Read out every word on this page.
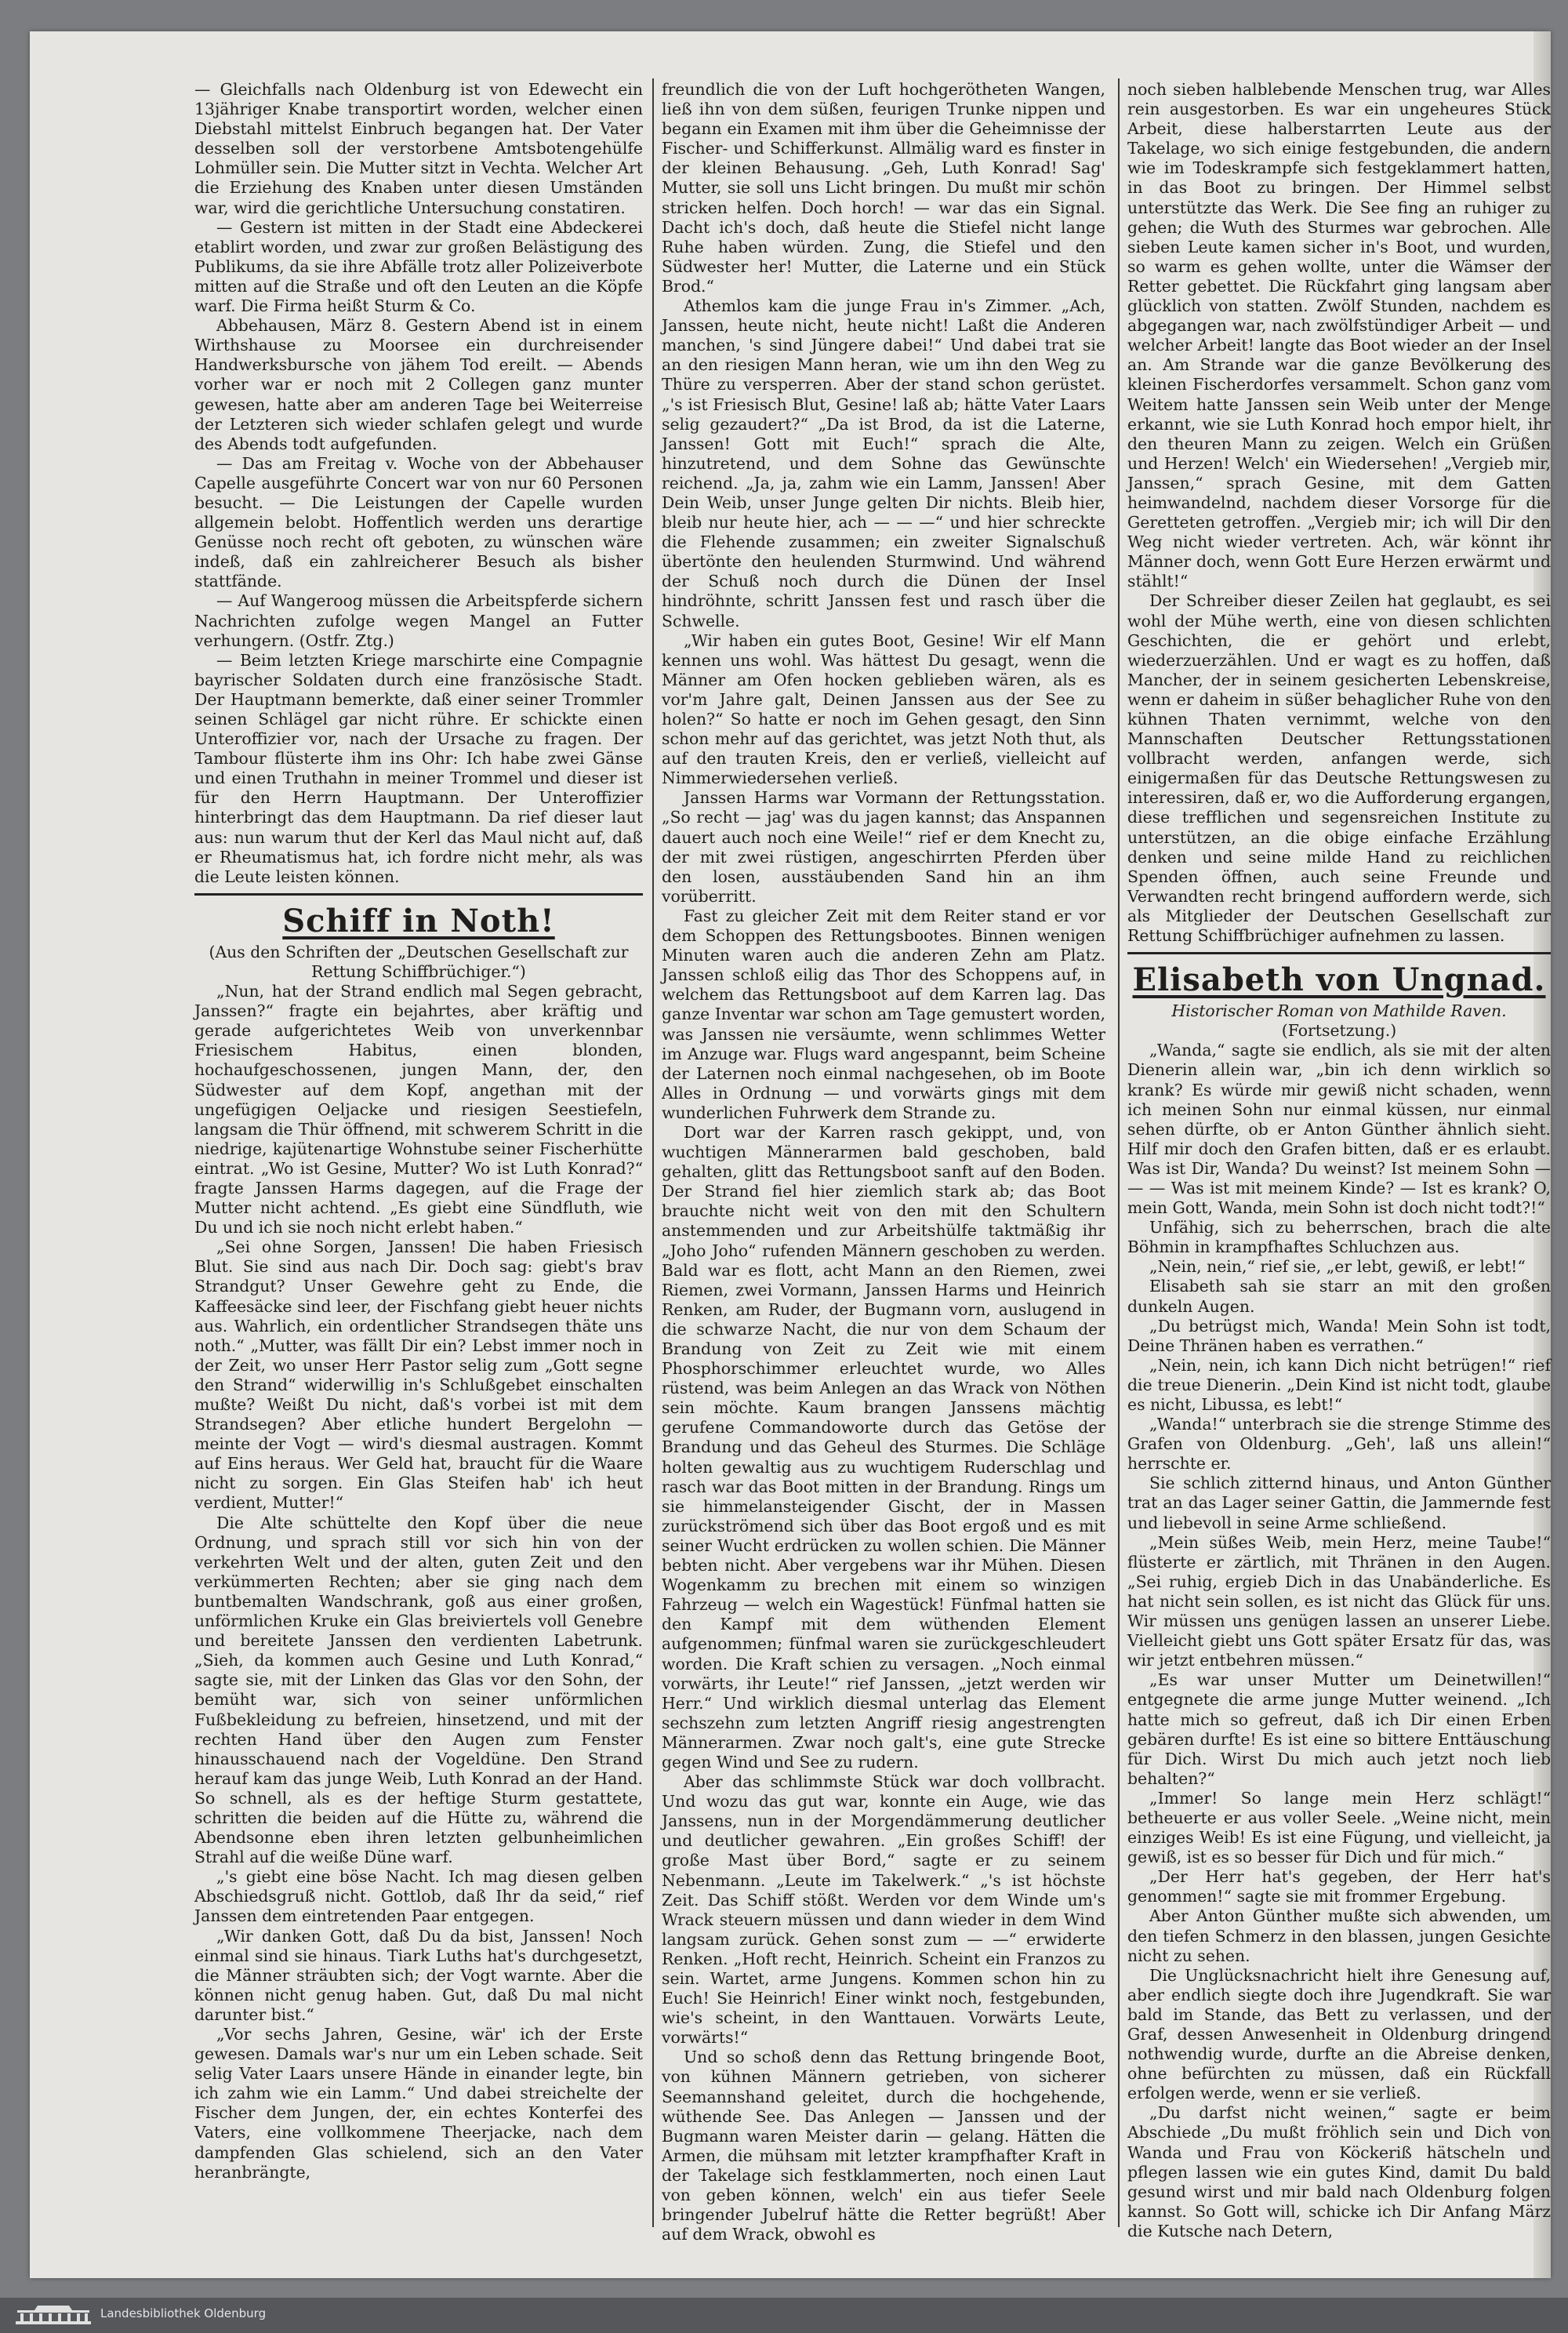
— Gleichfalls nach Oldenburg ist von Edewecht ein 13jähriger Knabe transportirt worden, welcher einen Diebstahl mittelst Einbruch begangen hat. Der Vater desselben soll der verstorbene Amtsbotengehülfe Lohmüller sein. Die Mutter sitzt in Vechta. Welcher Art die Erziehung des Knaben unter diesen Umständen war, wird die gerichtliche Untersuchung constatiren.

— Gestern ist mitten in der Stadt eine Abdeckerei etablirt worden, und zwar zur großen Belästigung des Publikums, da sie ihre Abfälle trotz aller Polizeiverbote mitten auf die Straße und oft den Leuten an die Köpfe warf. Die Firma heißt Sturm & Co.

Abbehausen, März 8. Gestern Abend ist in einem Wirthshause zu Moorsee ein durchreisender Handwerksbursche von jähem Tod ereilt. — Abends vorher war er noch mit 2 Collegen ganz munter gewesen, hatte aber am anderen Tage bei Weiterreise der Letzteren sich wieder schlafen gelegt und wurde des Abends todt aufgefunden.

— Das am Freitag v. Woche von der Abbehauser Capelle ausgeführte Concert war von nur 60 Personen besucht. — Die Leistungen der Capelle wurden allgemein belobt. Hoffentlich werden uns derartige Genüsse noch recht oft geboten, zu wünschen wäre indeß, daß ein zahlreicherer Besuch als bisher stattfände.

— Auf Wangeroog müssen die Arbeitspferde sichern Nachrichten zufolge wegen Mangel an Futter verhungern. (Ostfr. Ztg.)

— Beim letzten Kriege marschirte eine Compagnie bayrischer Soldaten durch eine französische Stadt. Der Hauptmann bemerkte, daß einer seiner Trommler seinen Schlägel gar nicht rühre. Er schickte einen Unteroffizier vor, nach der Ursache zu fragen. Der Tambour flüsterte ihm ins Ohr: Ich habe zwei Gänse und einen Truthahn in meiner Trommel und dieser ist für den Herrn Hauptmann. Der Unteroffizier hinterbringt das dem Hauptmann. Da rief dieser laut aus: nun warum thut der Kerl das Maul nicht auf, daß er Rheumatismus hat, ich fordre nicht mehr, als was die Leute leisten können.

Schiff in Noth!

(Aus den Schriften der „Deutschen Gesellschaft zur Rettung Schiffbrüchiger.“)

„Nun, hat der Strand endlich mal Segen gebracht, Janssen?“ fragte ein bejahrtes, aber kräftig und gerade aufgerichtetes Weib von unverkennbar Friesischem Habitus, einen blonden, hochaufgeschossenen, jungen Mann, der, den Südwester auf dem Kopf, angethan mit der ungefügigen Oeljacke und riesigen Seestiefeln, langsam die Thür öffnend, mit schwerem Schritt in die niedrige, kajütenartige Wohnstube seiner Fischerhütte eintrat. „Wo ist Gesine, Mutter? Wo ist Luth Konrad?“ fragte Janssen Harms dagegen, auf die Frage der Mutter nicht achtend. „Es giebt eine Sündfluth, wie Du und ich sie noch nicht erlebt haben.“

„Sei ohne Sorgen, Janssen! Die haben Friesisch Blut. Sie sind aus nach Dir. Doch sag: giebt's brav Strandgut? Unser Gewehre geht zu Ende, die Kaffeesäcke sind leer, der Fischfang giebt heuer nichts aus. Wahrlich, ein ordentlicher Strandsegen thäte uns noth.“ „Mutter, was fällt Dir ein? Lebst immer noch in der Zeit, wo unser Herr Pastor selig zum „Gott segne den Strand“ widerwillig in's Schlußgebet einschalten mußte? Weißt Du nicht, daß's vorbei ist mit dem Strandsegen? Aber etliche hundert Bergelohn — meinte der Vogt — wird's diesmal austragen. Kommt auf Eins heraus. Wer Geld hat, braucht für die Waare nicht zu sorgen. Ein Glas Steifen hab' ich heut verdient, Mutter!“

Die Alte schüttelte den Kopf über die neue Ordnung, und sprach still vor sich hin von der verkehrten Welt und der alten, guten Zeit und den verkümmerten Rechten; aber sie ging nach dem buntbemalten Wandschrank, goß aus einer großen, unförmlichen Kruke ein Glas breiviertels voll Genebre und bereitete Janssen den verdienten Labetrunk. „Sieh, da kommen auch Gesine und Luth Konrad,“ sagte sie, mit der Linken das Glas vor den Sohn, der bemüht war, sich von seiner unförmlichen Fußbekleidung zu befreien, hinsetzend, und mit der rechten Hand über den Augen zum Fenster hinausschauend nach der Vogeldüne. Den Strand herauf kam das junge Weib, Luth Konrad an der Hand. So schnell, als es der heftige Sturm gestattete, schritten die beiden auf die Hütte zu, während die Abendsonne eben ihren letzten gelbunheimlichen Strahl auf die weiße Düne warf.

„'s giebt eine böse Nacht. Ich mag diesen gelben Abschiedsgruß nicht. Gottlob, daß Ihr da seid,“ rief Janssen dem eintretenden Paar entgegen.

„Wir danken Gott, daß Du da bist, Janssen! Noch einmal sind sie hinaus. Tiark Luths hat's durchgesetzt, die Männer sträubten sich; der Vogt warnte. Aber die können nicht genug haben. Gut, daß Du mal nicht darunter bist.“

„Vor sechs Jahren, Gesine, wär' ich der Erste gewesen. Damals war's nur um ein Leben schade. Seit selig Vater Laars unsere Hände in einander legte, bin ich zahm wie ein Lamm.“ Und dabei streichelte der Fischer dem Jungen, der, ein echtes Konterfei des Vaters, eine vollkommene Theerjacke, nach dem dampfenden Glas schielend, sich an den Vater heranbrängte,

freundlich die von der Luft hochgerötheten Wangen, ließ ihn von dem süßen, feurigen Trunke nippen und begann ein Examen mit ihm über die Geheimnisse der Fischer- und Schifferkunst. Allmälig ward es finster in der kleinen Behausung. „Geh, Luth Konrad! Sag' Mutter, sie soll uns Licht bringen. Du mußt mir schön stricken helfen. Doch horch! — war das ein Signal. Dacht ich's doch, daß heute die Stiefel nicht lange Ruhe haben würden. Zung, die Stiefel und den Südwester her! Mutter, die Laterne und ein Stück Brod.“

Athemlos kam die junge Frau in's Zimmer. „Ach, Janssen, heute nicht, heute nicht! Laßt die Anderen manchen, 's sind Jüngere dabei!“ Und dabei trat sie an den riesigen Mann heran, wie um ihn den Weg zu Thüre zu versperren. Aber der stand schon gerüstet. „'s ist Friesisch Blut, Gesine! laß ab; hätte Vater Laars selig gezaudert?“ „Da ist Brod, da ist die Laterne, Janssen! Gott mit Euch!“ sprach die Alte, hinzutretend, und dem Sohne das Gewünschte reichend. „Ja, ja, zahm wie ein Lamm, Janssen! Aber Dein Weib, unser Junge gelten Dir nichts. Bleib hier, bleib nur heute hier, ach — — —“ und hier schreckte die Flehende zusammen; ein zweiter Signalschuß übertönte den heulenden Sturmwind. Und während der Schuß noch durch die Dünen der Insel hindröhnte, schritt Janssen fest und rasch über die Schwelle.

„Wir haben ein gutes Boot, Gesine! Wir elf Mann kennen uns wohl. Was hättest Du gesagt, wenn die Männer am Ofen hocken geblieben wären, als es vor'm Jahre galt, Deinen Janssen aus der See zu holen?“ So hatte er noch im Gehen gesagt, den Sinn schon mehr auf das gerichtet, was jetzt Noth thut, als auf den trauten Kreis, den er verließ, vielleicht auf Nimmerwiedersehen verließ.

Janssen Harms war Vormann der Rettungsstation. „So recht — jag' was du jagen kannst; das Anspannen dauert auch noch eine Weile!“ rief er dem Knecht zu, der mit zwei rüstigen, angeschirrten Pferden über den losen, ausstäubenden Sand hin an ihm vorüberritt.

Fast zu gleicher Zeit mit dem Reiter stand er vor dem Schoppen des Rettungsbootes. Binnen wenigen Minuten waren auch die anderen Zehn am Platz. Janssen schloß eilig das Thor des Schoppens auf, in welchem das Rettungsboot auf dem Karren lag. Das ganze Inventar war schon am Tage gemustert worden, was Janssen nie versäumte, wenn schlimmes Wetter im Anzuge war. Flugs ward angespannt, beim Scheine der Laternen noch einmal nachgesehen, ob im Boote Alles in Ordnung — und vorwärts gings mit dem wunderlichen Fuhrwerk dem Strande zu.

Dort war der Karren rasch gekippt, und, von wuchtigen Männerarmen bald geschoben, bald gehalten, glitt das Rettungsboot sanft auf den Boden. Der Strand fiel hier ziemlich stark ab; das Boot brauchte nicht weit von den mit den Schultern anstemmenden und zur Arbeitshülfe taktmäßig ihr „Joho Joho“ rufenden Männern geschoben zu werden. Bald war es flott, acht Mann an den Riemen, zwei Riemen, zwei Vormann, Janssen Harms und Heinrich Renken, am Ruder, der Bugmann vorn, auslugend in die schwarze Nacht, die nur von dem Schaum der Brandung von Zeit zu Zeit wie mit einem Phosphorschimmer erleuchtet wurde, wo Alles rüstend, was beim Anlegen an das Wrack von Nöthen sein möchte. Kaum brangen Janssens mächtig gerufene Commandoworte durch das Getöse der Brandung und das Geheul des Sturmes. Die Schläge holten gewaltig aus zu wuchtigem Ruderschlag und rasch war das Boot mitten in der Brandung. Rings um sie himmelansteigender Gischt, der in Massen zurückströmend sich über das Boot ergoß und es mit seiner Wucht erdrücken zu wollen schien. Die Männer bebten nicht. Aber vergebens war ihr Mühen. Diesen Wogenkamm zu brechen mit einem so winzigen Fahrzeug — welch ein Wagestück! Fünfmal hatten sie den Kampf mit dem wüthenden Element aufgenommen; fünfmal waren sie zurückgeschleudert worden. Die Kraft schien zu versagen. „Noch einmal vorwärts, ihr Leute!“ rief Janssen, „jetzt werden wir Herr.“ Und wirklich diesmal unterlag das Element sechszehn zum letzten Angriff riesig angestrengten Männerarmen. Zwar noch galt's, eine gute Strecke gegen Wind und See zu rudern.

Aber das schlimmste Stück war doch vollbracht. Und wozu das gut war, konnte ein Auge, wie das Janssens, nun in der Morgendämmerung deutlicher und deutlicher gewahren. „Ein großes Schiff! der große Mast über Bord,“ sagte er zu seinem Nebenmann. „Leute im Takelwerk.“ „'s ist höchste Zeit. Das Schiff stößt. Werden vor dem Winde um's Wrack steuern müssen und dann wieder in dem Wind langsam zurück. Gehen sonst zum — —“ erwiderte Renken. „Hoft recht, Heinrich. Scheint ein Franzos zu sein. Wartet, arme Jungens. Kommen schon hin zu Euch! Sie Heinrich! Einer winkt noch, festgebunden, wie's scheint, in den Wanttauen. Vorwärts Leute, vorwärts!“

Und so schoß denn das Rettung bringende Boot, von kühnen Männern getrieben, von sicherer Seemannshand geleitet, durch die hochgehende, wüthende See. Das Anlegen — Janssen und der Bugmann waren Meister darin — gelang. Hätten die Armen, die mühsam mit letzter krampfhafter Kraft in der Takelage sich festklammerten, noch einen Laut von geben können, welch' ein aus tiefer Seele bringender Jubelruf hätte die Retter begrüßt! Aber auf dem Wrack, obwohl es

noch sieben halblebende Menschen trug, war Alles rein ausgestorben. Es war ein ungeheures Stück Arbeit, diese halberstarrten Leute aus der Takelage, wo sich einige festgebunden, die andern wie im Todeskrampfe sich festgeklammert hatten, in das Boot zu bringen. Der Himmel selbst unterstützte das Werk. Die See fing an ruhiger zu gehen; die Wuth des Sturmes war gebrochen. Alle sieben Leute kamen sicher in's Boot, und wurden, so warm es gehen wollte, unter die Wämser der Retter gebettet. Die Rückfahrt ging langsam aber glücklich von statten. Zwölf Stunden, nachdem es abgegangen war, nach zwölfstündiger Arbeit — und welcher Arbeit! langte das Boot wieder an der Insel an. Am Strande war die ganze Bevölkerung des kleinen Fischerdorfes versammelt. Schon ganz vom Weitem hatte Janssen sein Weib unter der Menge erkannt, wie sie Luth Konrad hoch empor hielt, ihr den theuren Mann zu zeigen. Welch ein Grüßen und Herzen! Welch' ein Wiedersehen! „Vergieb mir, Janssen,“ sprach Gesine, mit dem Gatten heimwandelnd, nachdem dieser Vorsorge für die Geretteten getroffen. „Vergieb mir; ich will Dir den Weg nicht wieder vertreten. Ach, wär könnt ihr Männer doch, wenn Gott Eure Herzen erwärmt und stählt!“

Der Schreiber dieser Zeilen hat geglaubt, es sei wohl der Mühe werth, eine von diesen schlichten Geschichten, die er gehört und erlebt, wiederzuerzählen. Und er wagt es zu hoffen, daß Mancher, der in seinem gesicherten Lebenskreise, wenn er daheim in süßer behaglicher Ruhe von den kühnen Thaten vernimmt, welche von den Mannschaften Deutscher Rettungsstationen vollbracht werden, anfangen werde, sich einigermaßen für das Deutsche Rettungswesen zu interessiren, daß er, wo die Aufforderung ergangen, diese trefflichen und segensreichen Institute zu unterstützen, an die obige einfache Erzählung denken und seine milde Hand zu reichlichen Spenden öffnen, auch seine Freunde und Verwandten recht bringend auffordern werde, sich als Mitglieder der Deutschen Gesellschaft zur Rettung Schiffbrüchiger aufnehmen zu lassen.

Elisabeth von Ungnad.

Historischer Roman von Mathilde Raven.

(Fortsetzung.)

„Wanda,“ sagte sie endlich, als sie mit der alten Dienerin allein war, „bin ich denn wirklich so krank? Es würde mir gewiß nicht schaden, wenn ich meinen Sohn nur einmal küssen, nur einmal sehen dürfte, ob er Anton Günther ähnlich sieht. Hilf mir doch den Grafen bitten, daß er es erlaubt. Was ist Dir, Wanda? Du weinst? Ist meinem Sohn — — — Was ist mit meinem Kinde? — Ist es krank? O, mein Gott, Wanda, mein Sohn ist doch nicht todt?!“

Unfähig, sich zu beherrschen, brach die alte Böhmin in krampfhaftes Schluchzen aus.

„Nein, nein,“ rief sie, „er lebt, gewiß, er lebt!“

Elisabeth sah sie starr an mit den großen dunkeln Augen.

„Du betrügst mich, Wanda! Mein Sohn ist todt, Deine Thränen haben es verrathen.“

„Nein, nein, ich kann Dich nicht betrügen!“ rief die treue Dienerin. „Dein Kind ist nicht todt, glaube es nicht, Libussa, es lebt!“

„Wanda!“ unterbrach sie die strenge Stimme des Grafen von Oldenburg. „Geh', laß uns allein!“ herrschte er.

Sie schlich zitternd hinaus, und Anton Günther trat an das Lager seiner Gattin, die Jammernde fest und liebevoll in seine Arme schließend.

„Mein süßes Weib, mein Herz, meine Taube!“ flüsterte er zärtlich, mit Thränen in den Augen. „Sei ruhig, ergieb Dich in das Unabänderliche. Es hat nicht sein sollen, es ist nicht das Glück für uns. Wir müssen uns genügen lassen an unserer Liebe. Vielleicht giebt uns Gott später Ersatz für das, was wir jetzt entbehren müssen.“

„Es war unser Mutter um Deinetwillen!“ entgegnete die arme junge Mutter weinend. „Ich hatte mich so gefreut, daß ich Dir einen Erben gebären durfte! Es ist eine so bittere Enttäuschung für Dich. Wirst Du mich auch jetzt noch lieb behalten?“

„Immer! So lange mein Herz schlägt!“ betheuerte er aus voller Seele. „Weine nicht, mein einziges Weib! Es ist eine Fügung, und vielleicht, ja gewiß, ist es so besser für Dich und für mich.“

„Der Herr hat's gegeben, der Herr hat's genommen!“ sagte sie mit frommer Ergebung.

Aber Anton Günther mußte sich abwenden, um den tiefen Schmerz in den blassen, jungen Gesichte nicht zu sehen.

Die Unglücksnachricht hielt ihre Genesung auf, aber endlich siegte doch ihre Jugendkraft. Sie war bald im Stande, das Bett zu verlassen, und der Graf, dessen Anwesenheit in Oldenburg dringend nothwendig wurde, durfte an die Abreise denken, ohne befürchten zu müssen, daß ein Rückfall erfolgen werde, wenn er sie verließ.

„Du darfst nicht weinen,“ sagte er beim Abschiede „Du mußt fröhlich sein und Dich von Wanda und Frau von Köckeriß hätscheln und pflegen lassen wie ein gutes Kind, damit Du bald gesund wirst und mir bald nach Oldenburg folgen kannst. So Gott will, schicke ich Dir Anfang März die Kutsche nach Detern,

Landesbibliothek Oldenburg
